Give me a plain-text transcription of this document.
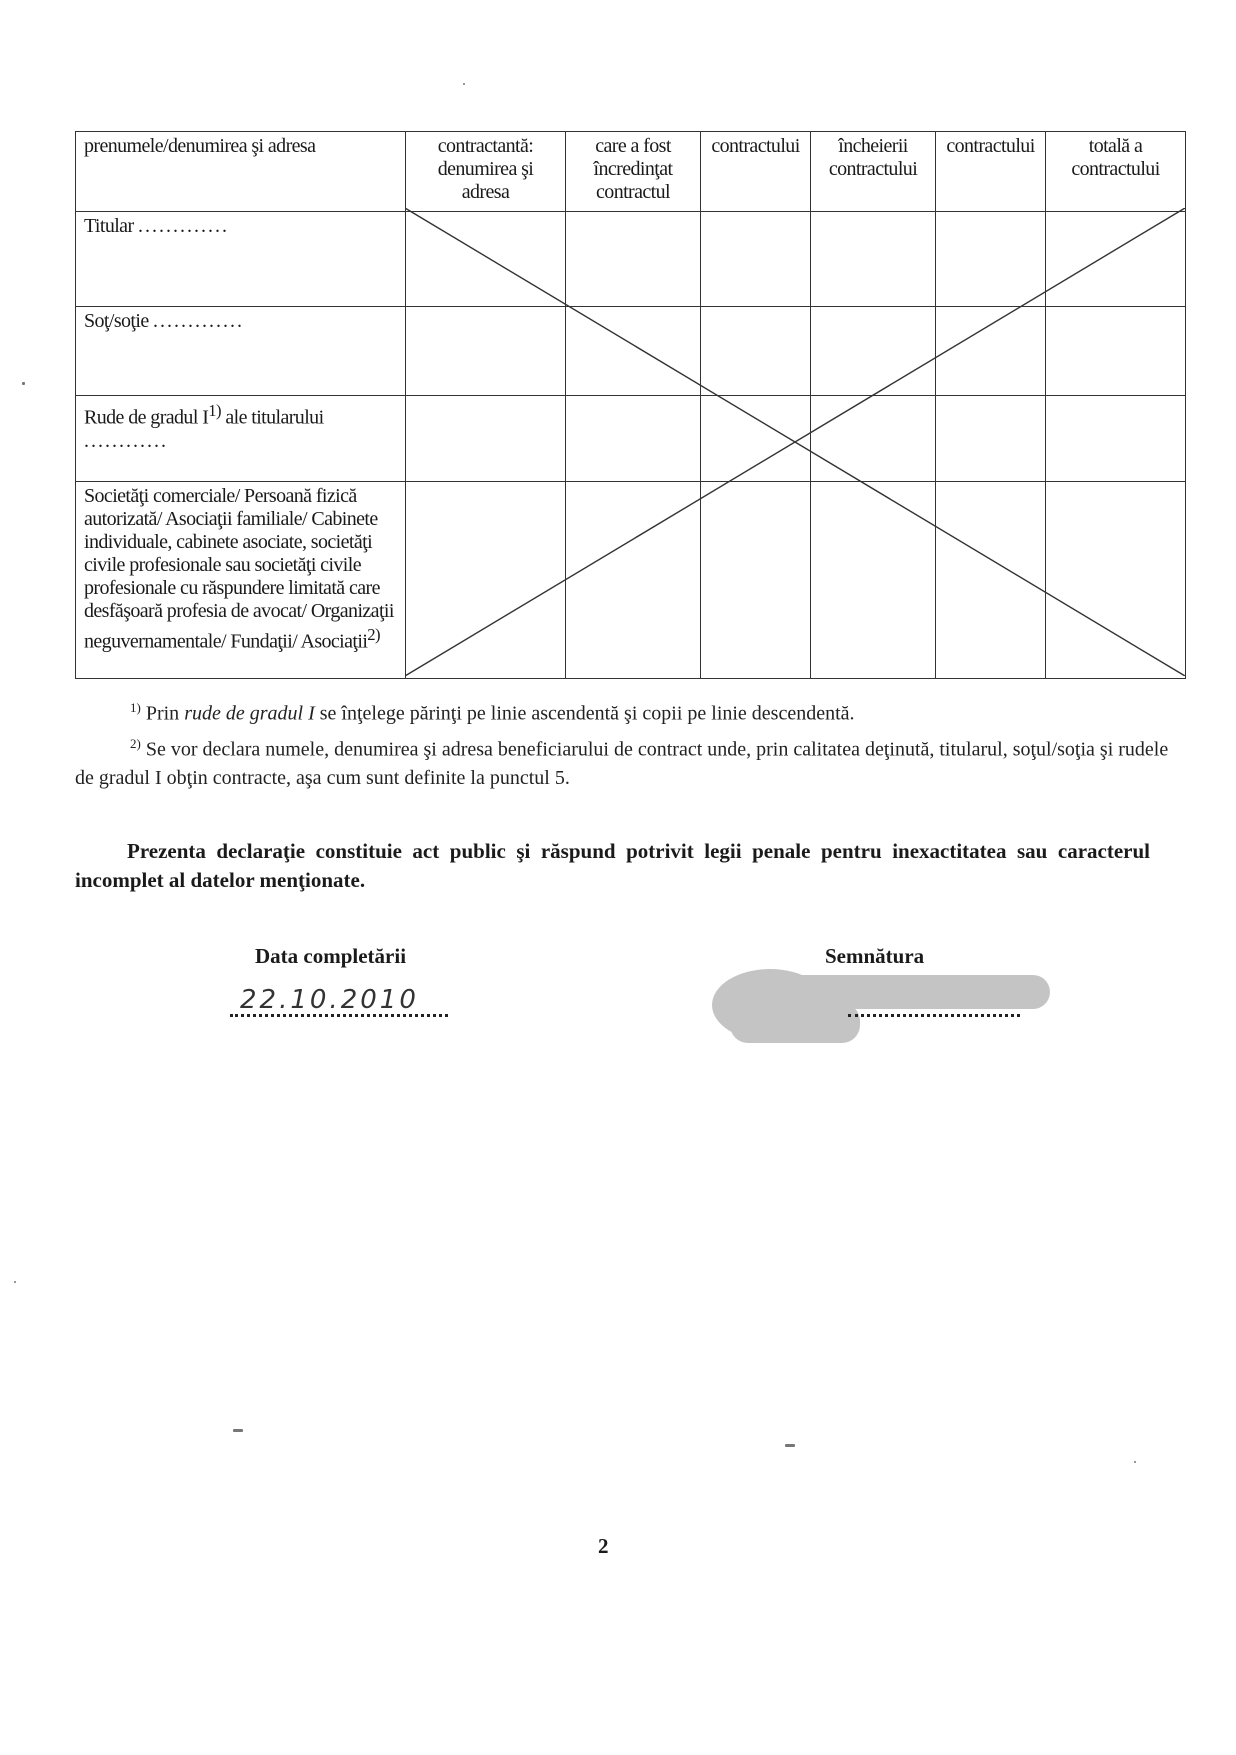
prenumele/denumirea şi adresa	contractantă: denumirea şi adresa	care a fost încredinţat contractul	contractului	încheierii contractului	contractului	totală a contractului
Titular .............						
Soţ/soţie .............						
Rude de gradul $I^{1)}$ ale titularului
............						
Societăţi comerciale/ Persoană fizică autorizată/ Asociaţii familiale/ Cabinete individuale, cabinete asociate, societăţi civile profesionale sau societăţi civile profesionale cu răspundere limitată care desfăşoară profesia de avocat/ Organizaţii neguvernamentale/ Fundaţii/ Asociaţii$^{2)}$						

$^{1)}$ Prin rude de gradul I se înţelege părinţi pe linie ascendentă şi copii pe linie descendentă.

$^{2)}$ Se vor declara numele, denumirea şi adresa beneficiarului de contract unde, prin calitatea deţinută, titularul, soţul/soţia şi rudele de gradul I obţin contracte, aşa cum sunt definite la punctul 5.

Prezenta declaraţie constituie act public şi răspund potrivit legii penale pentru inexactitatea sau caracterul incomplet al datelor menţionate.

Data completării	Semnătura
22.10.2010
2
